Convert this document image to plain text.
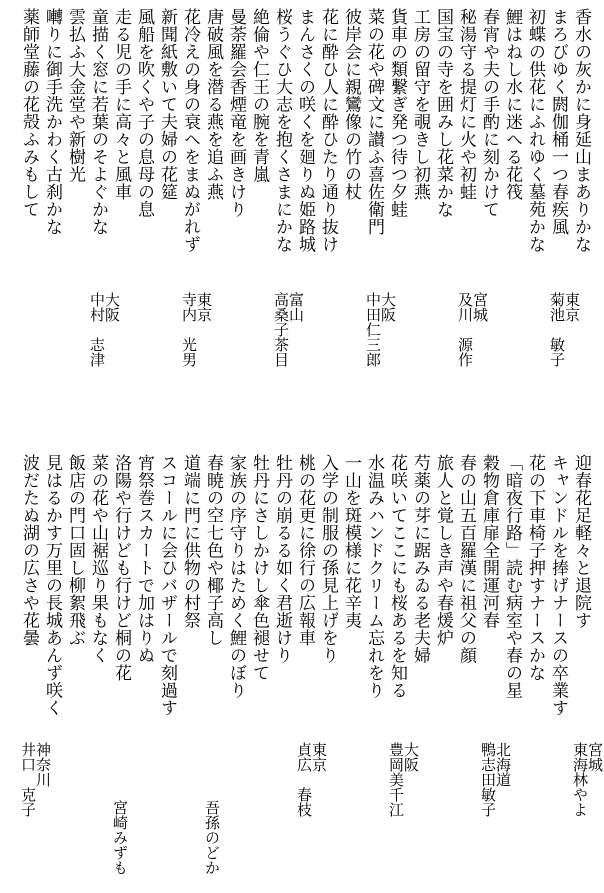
香水の灰かに身延山まありかな
まろびゆく閼伽桶一つ春疾風
初蝶の供花にふれゆく墓苑かな
鯉はねし水に迷へる花筏
春宵や夫の手酌に刻かけて
秘湯守る提灯に火や初蛙
国宝の寺を囲みし花菜かな
工房の留守を覗きし初燕
貨車の類繋ぎ発つ待つ夕蛙
菜の花や碑文に讃ふ喜佐衛門
彼岸会に親鸞像の竹の杖
花に酔ひ人に酔ひたり通り抜け
まんさくの咲くを廻りぬ姫路城
桜うぐひ大志を抱くさまにかな
絶倫や仁王の腕を青嵐
曼荼羅会香煙竜を画きけり
唐破風を潜る燕を追ふ燕
花冷えの身の衰へをまぬがれず
新聞紙敷いて夫婦の花筵
風船を吹くや子の息母の息
走る児の手に高々と風車
童描く窓に若葉のそよぐかな
雲払ふ大金堂や新樹光
囀りに御手洗かわく古刹かな
薬師堂藤の花殻ふみもして
東京
菊池　敏子
宮城
及川　源作
大阪
中田仁三郎
富山
高桑子茶目
東京
寺内　光男
大阪
中村　志津
迎春花足軽々と退院す
キャンドルを捧げナースの卒業す
花の下車椅子押すナースかな
「暗夜行路」読む病室や春の星
穀物倉庫扉全開運河春
春の山五百羅漢に祖父の顔
旅人と覚しき声や春煖炉
芍薬の芽に踞みゐる老夫婦
花咲いてここにも桜あるを知る
水温みハンドクリーム忘れをり
一山を斑模様に花辛夷
入学の制服の孫見上げをり
桃の花更に徐行の広報車
牡丹の崩るる如く君逝けり
牡丹にさしかけし傘色褪せて
家族の序守りはためく鯉のぼり
春暁の空七色や椰子高し
道端に門に供物の村祭
スコールに会ひバザールで刻過す
宵祭巻スカートで加はりぬ
洛陽や行けども行けど桐の花
菜の花や山裾巡り果もなく
飯店の門口固し柳絮飛ぶ
見はるかす万里の長城あんず咲く
波だたぬ湖の広さや花曇
宮城
東海林やよ
北海道
鴨志田敏子
大阪
豊岡美千江
東京
貞広　春枝
吾孫のどか
宮崎みずも
神奈川
井口　克子
